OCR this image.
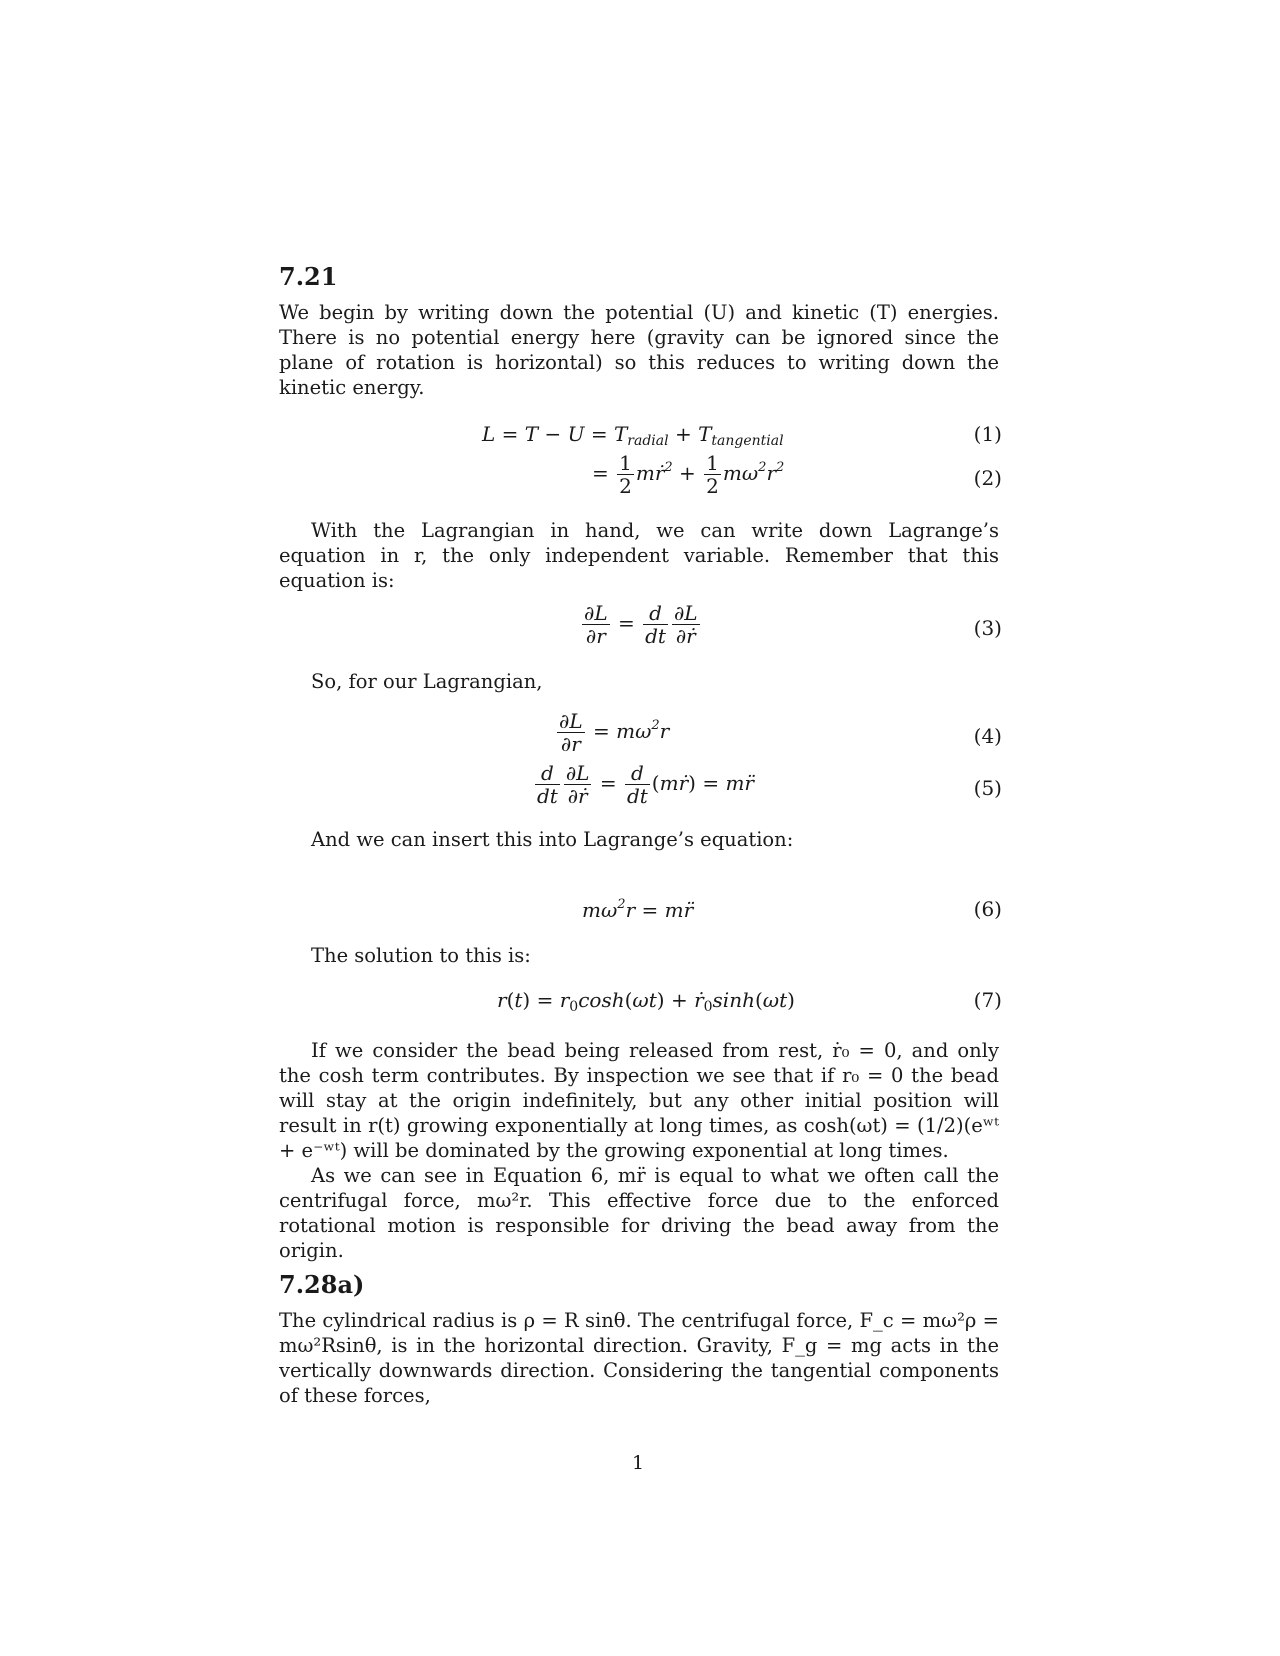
7.21

We begin by writing down the potential (U) and kinetic (T) energies. There is no potential energy here (gravity can be ignored since the plane of rotation is horizontal) so this reduces to writing down the kinetic energy.

$L = T - U = T_{radial} + T_{tangential}$	(1)
= $\frac{1}{2}$ mṙ$^2$ + $\frac{1}{2} m\omega^2r^2$	(2)

With the Lagrangian in hand, we can write down Lagrange’s equation in r, the only independent variable. Remember that this equation is:

$\frac{\partial L}{\partial r} = \frac{d}{dt} \frac{\partial L}{\text{∂ṙ}}$	(3)

So, for our Lagrangian,

$\frac{\partial L}{\partial r} = m\omega^2r$	(4)
$\frac{d}{dt} \frac{\partial L}{\text{∂ṙ}} = \frac{d}{dt}$ (mṙ) = mr̈	(5)

And we can insert this into Lagrange’s equation:

$m\omega^2r$ = mr̈	(6)

The solution to this is:

$r(t) = r_0\cosh(\omega t)$ + ṙ$_0$sinh(ωt)	(7)

If we consider the bead being released from rest, ṙ₀ = 0, and only the cosh term contributes. By inspection we see that if r₀ = 0 the bead will stay at the origin indefinitely, but any other initial position will result in r(t) growing exponentially at long times, as cosh(ωt) = (1/2)(eʷᵗ + e⁻ʷᵗ) will be dominated by the growing exponential at long times.

As we can see in Equation 6, mr̈ is equal to what we often call the centrifugal force, mω²r. This effective force due to the enforced rotational motion is responsible for driving the bead away from the origin.

7.28a)

The cylindrical radius is ρ = R sinθ. The centrifugal force, F_c = mω²ρ = mω²Rsinθ, is in the horizontal direction. Gravity, F_g = mg acts in the vertically downwards direction. Considering the tangential components of these forces,

1
